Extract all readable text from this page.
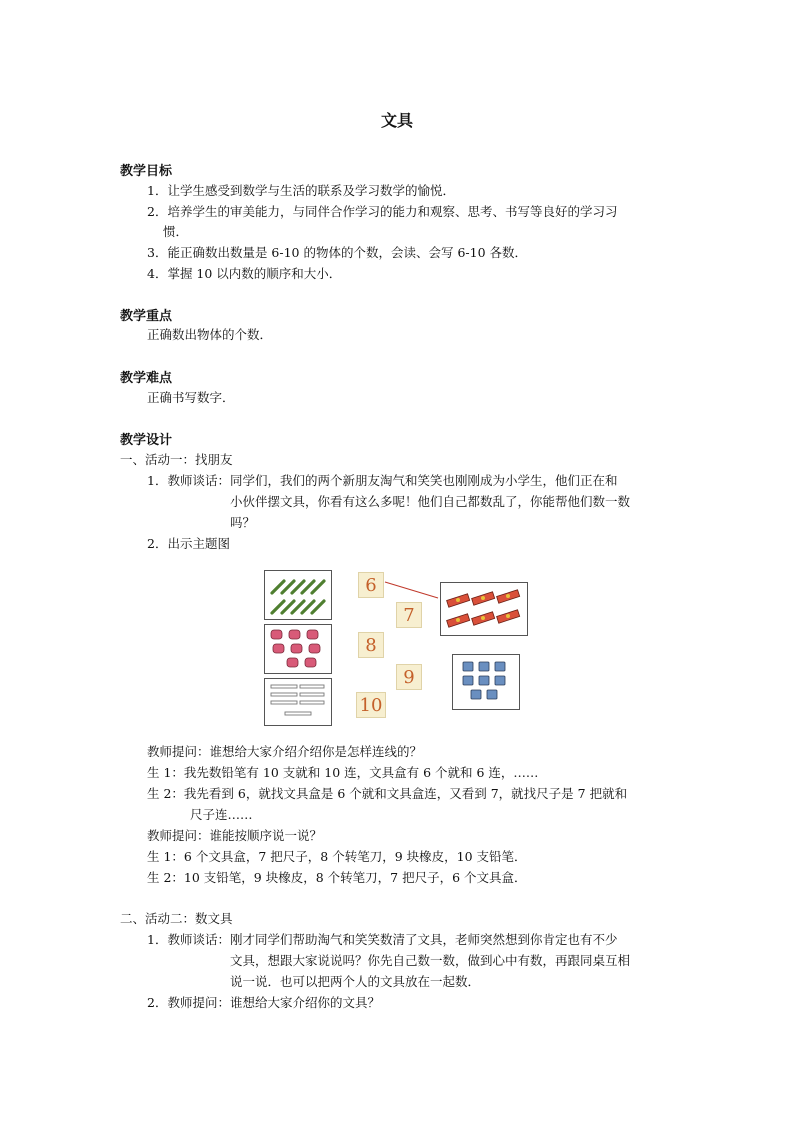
文具
教学目标
1．让学生感受到数学与生活的联系及学习数学的愉悦．
2．培养学生的审美能力，与同伴合作学习的能力和观察、思考、书写等良好的学习习
惯．
3．能正确数出数量是 6-10 的物体的个数，会读、会写 6-10 各数．
4．掌握 10 以内数的顺序和大小．
教学重点
正确数出物体的个数．
教学难点
正确书写数字．
教学设计
一、活动一：找朋友
1．教师谈话：同学们，我们的两个新朋友淘气和笑笑也刚刚成为小学生，他们正在和
小伙伴摆文具，你看有这么多呢！他们自己都数乱了，你能帮他们数一数
吗？
2．出示主题图
6
7
8
9
10
教师提问：谁想给大家介绍介绍你是怎样连线的？
生 1：我先数铅笔有 10 支就和 10 连，文具盒有 6 个就和 6 连，……
生 2：我先看到 6，就找文具盒是 6 个就和文具盒连，又看到 7，就找尺子是 7 把就和
尺子连……
教师提问：谁能按顺序说一说？
生 1：6 个文具盒，7 把尺子，8 个转笔刀，9 块橡皮，10 支铅笔．
生 2：10 支铅笔，9 块橡皮，8 个转笔刀，7 把尺子，6 个文具盒．
二、活动二：数文具
1．教师谈话：刚才同学们帮助淘气和笑笑数清了文具，老师突然想到你肯定也有不少
文具，想跟大家说说吗？你先自己数一数，做到心中有数，再跟同桌互相
说一说．也可以把两个人的文具放在一起数．
2．教师提问：谁想给大家介绍你的文具？
